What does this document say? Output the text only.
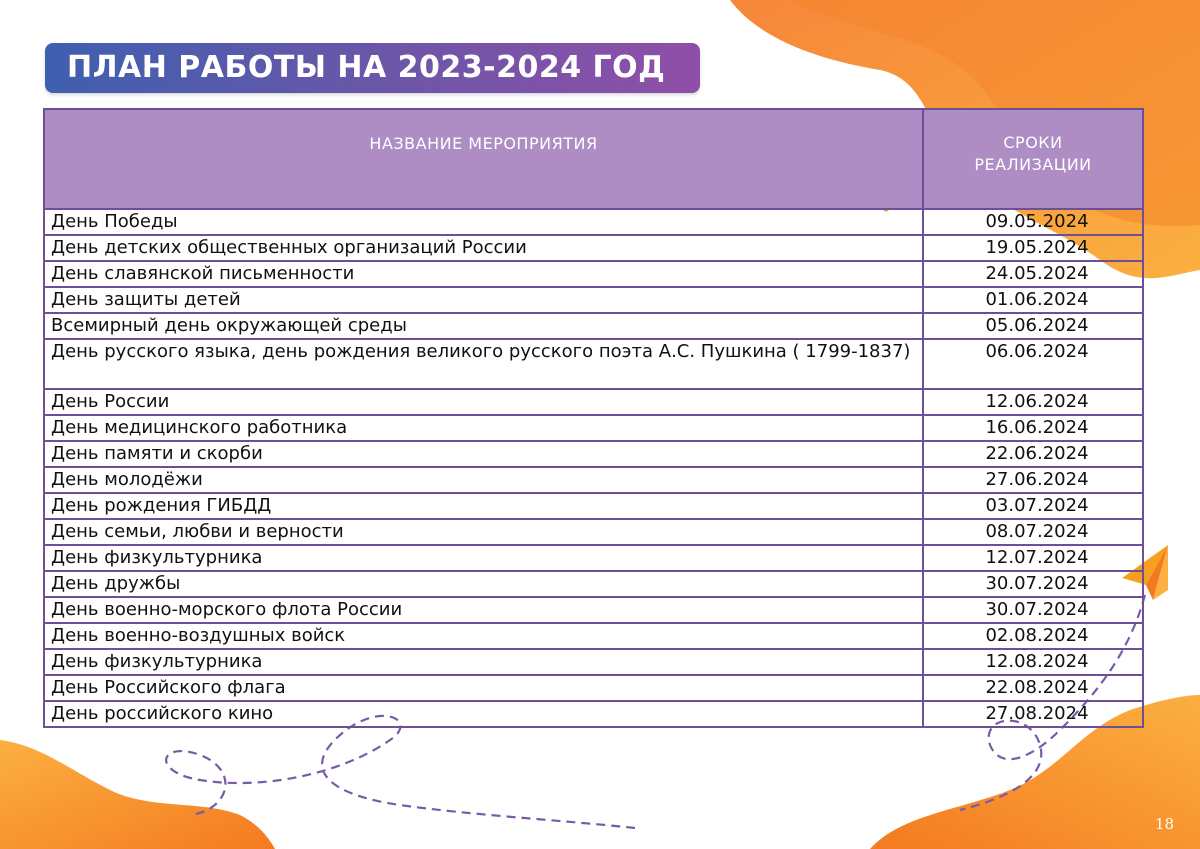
ПЛАН РАБОТЫ НА 2023-2024 ГОД
НАЗВАНИЕ МЕРОПРИЯТИЯ	СРОКИ
РЕАЛИЗАЦИИ

День Победы	09.05.2024
День детских общественных организаций России	19.05.2024
День славянской письменности	24.05.2024
День защиты детей	01.06.2024
Всемирный день окружающей среды	05.06.2024
День русского языка, день рождения великого русского поэта А.С. Пушкина ( 1799-1837)	06.06.2024
День России	12.06.2024
День медицинского работника	16.06.2024
День памяти и скорби	22.06.2024
День молодёжи	27.06.2024
День рождения ГИБДД	03.07.2024
День семьи, любви и верности	08.07.2024
День физкультурника	12.07.2024
День дружбы	30.07.2024
День военно-морского флота России	30.07.2024
День военно-воздушных войск	02.08.2024
День физкультурника	12.08.2024
День Российского флага	22.08.2024
День российского кино	27.08.2024
18
